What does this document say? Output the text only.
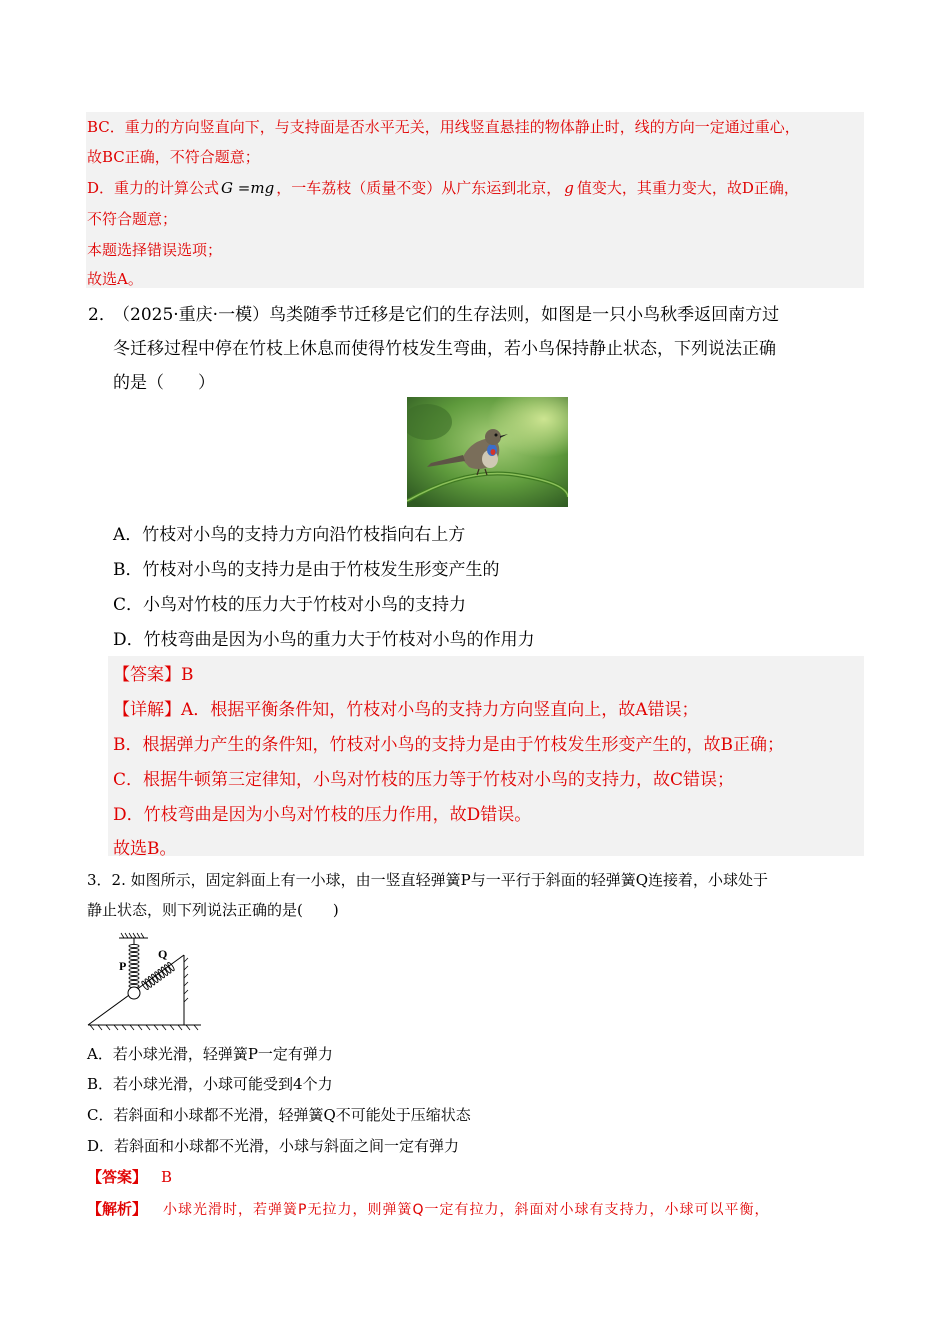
BC．重力的方向竖直向下，与支持面是否水平无关，用线竖直悬挂的物体静止时，线的方向一定通过重心，
故BC正确，不符合题意；
D．重力的计算公式 G =mg ，一车荔枝（质量不变）从广东运到北京， g 值变大，其重力变大，故D正确，
不符合题意；
本题选择错误选项；
故选A。
2．
（2025·重庆·一模）鸟类随季节迁移是它们的生存法则，如图是一只小鸟秋季返回南方过
冬迁移过程中停在竹枝上休息而使得竹枝发生弯曲，若小鸟保持静止状态，下列说法正确
的是（　　）
A．竹枝对小鸟的支持力方向沿竹枝指向右上方
B．竹枝对小鸟的支持力是由于竹枝发生形变产生的
C．小鸟对竹枝的压力大于竹枝对小鸟的支持力
D．竹枝弯曲是因为小鸟的重力大于竹枝对小鸟的作用力
【答案】B
【详解】A．根据平衡条件知，竹枝对小鸟的支持力方向竖直向上，故A错误；
B．根据弹力产生的条件知，竹枝对小鸟的支持力是由于竹枝发生形变产生的，故B正确；
C．根据牛顿第三定律知，小鸟对竹枝的压力等于竹枝对小鸟的支持力，故C错误；
D．竹枝弯曲是因为小鸟对竹枝的压力作用，故D错误。
故选B。
3．2. 如图所示，固定斜面上有一小球，由一竖直轻弹簧P与一平行于斜面的轻弹簧Q连接着，小球处于
静止状态，则下列说法正确的是(　　)
P
Q
A．若小球光滑，轻弹簧P一定有弹力
B．若小球光滑，小球可能受到4个力
C．若斜面和小球都不光滑，轻弹簧Q不可能处于压缩状态
D．若斜面和小球都不光滑，小球与斜面之间一定有弹力
【答案】 B
【解析】 小球光滑时，若弹簧P无拉力，则弹簧Q一定有拉力，斜面对小球有支持力，小球可以平衡，
